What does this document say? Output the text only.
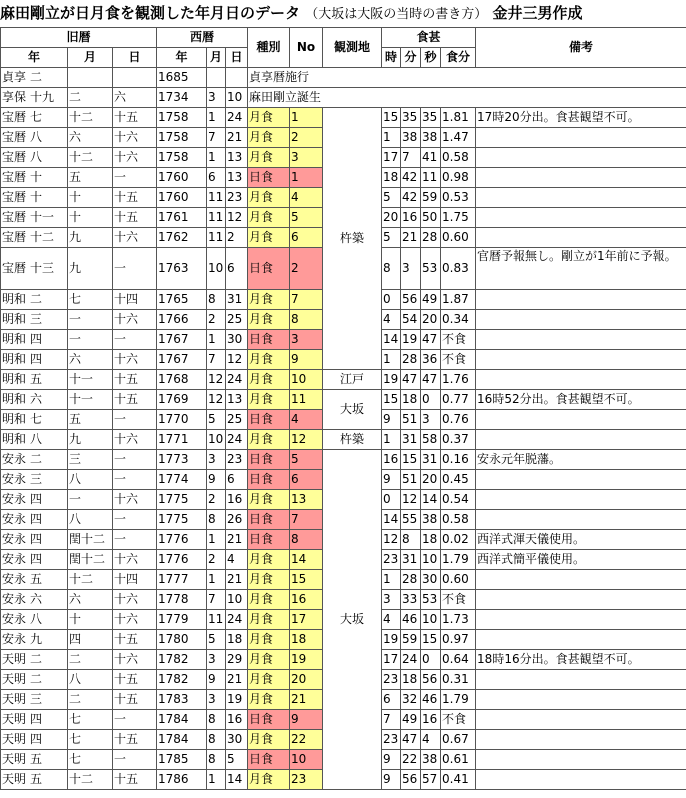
麻田剛立が日月食を観測した年月日のデータ （大坂は大阪の当時の書き方） 金井三男作成
旧暦			西暦			種別	No	観測地	食甚				備考	
年	月	日	年	月	日				時	分	秒	食分		
貞享 二			1685			貞享暦施行								
享保 十九	二	六	1734	3	10	麻田剛立誕生								
宝暦 七	十二	十五	1758	1	24	月食	1	杵築	15	35	35	1.81	17時20分出。食甚観望不可。	
宝暦 八	六	十六	1758	7	21	月食	2		1	38	38	1.47		
宝暦 八	十二	十六	1758	1	13	月食	3		17	7	41	0.58		
宝暦 十	五	一	1760	6	13	日食	1		18	42	11	0.98		
宝暦 十	十	十五	1760	11	23	月食	4		5	42	59	0.53		
宝暦 十一	十	十五	1761	11	12	月食	5		20	16	50	1.75		
宝暦 十二	九	十六	1762	11	2	月食	6		5	21	28	0.60		
宝暦 十三	九	一	1763	10	6	日食	2		8	3	53	0.83	官暦予報無し。剛立が1年前に予報。	
明和 二	七	十四	1765	8	31	月食	7		0	56	49	1.87		
明和 三	一	十六	1766	2	25	月食	8		4	54	20	0.34		
明和 四	一	一	1767	1	30	日食	3		14	19	47	不食		
明和 四	六	十六	1767	7	12	月食	9		1	28	36	不食		
明和 五	十一	十五	1768	12	24	月食	10	江戸	19	47	47	1.76		
明和 六	十一	十五	1769	12	13	月食	11	大坂	15	18	0	0.77	16時52分出。食甚観望不可。	
明和 七	五	一	1770	5	25	日食	4		9	51	3	0.76		
明和 八	九	十六	1771	10	24	月食	12	杵築	1	31	58	0.37		
安永 二	三	一	1773	3	23	日食	5	大坂	16	15	31	0.16	安永元年脱藩。	
安永 三	八	一	1774	9	6	日食	6		9	51	20	0.45		
安永 四	一	十六	1775	2	16	月食	13		0	12	14	0.54		
安永 四	八	一	1775	8	26	日食	7		14	55	38	0.58		
安永 四	閏十二	一	1776	1	21	日食	8		12	8	18	0.02	西洋式渾天儀使用。	
安永 四	閏十二	十六	1776	2	4	月食	14		23	31	10	1.79	西洋式簡平儀使用。	
安永 五	十二	十四	1777	1	21	月食	15		1	28	30	0.60		
安永 六	六	十六	1778	7	10	月食	16		3	33	53	不食		
安永 八	十	十六	1779	11	24	月食	17		4	46	10	1.73		
安永 九	四	十五	1780	5	18	月食	18		19	59	15	0.97		
天明 二	二	十六	1782	3	29	月食	19		17	24	0	0.64	18時16分出。食甚観望不可。	
天明 二	八	十五	1782	9	21	月食	20		23	18	56	0.31		
天明 三	二	十五	1783	3	19	月食	21		6	32	46	1.79		
天明 四	七	一	1784	8	16	日食	9		7	49	16	不食		
天明 四	七	十五	1784	8	30	月食	22		23	47	4	0.67		
天明 五	七	一	1785	8	5	日食	10		9	22	38	0.61		
天明 五	十二	十五	1786	1	14	月食	23		9	56	57	0.41		
